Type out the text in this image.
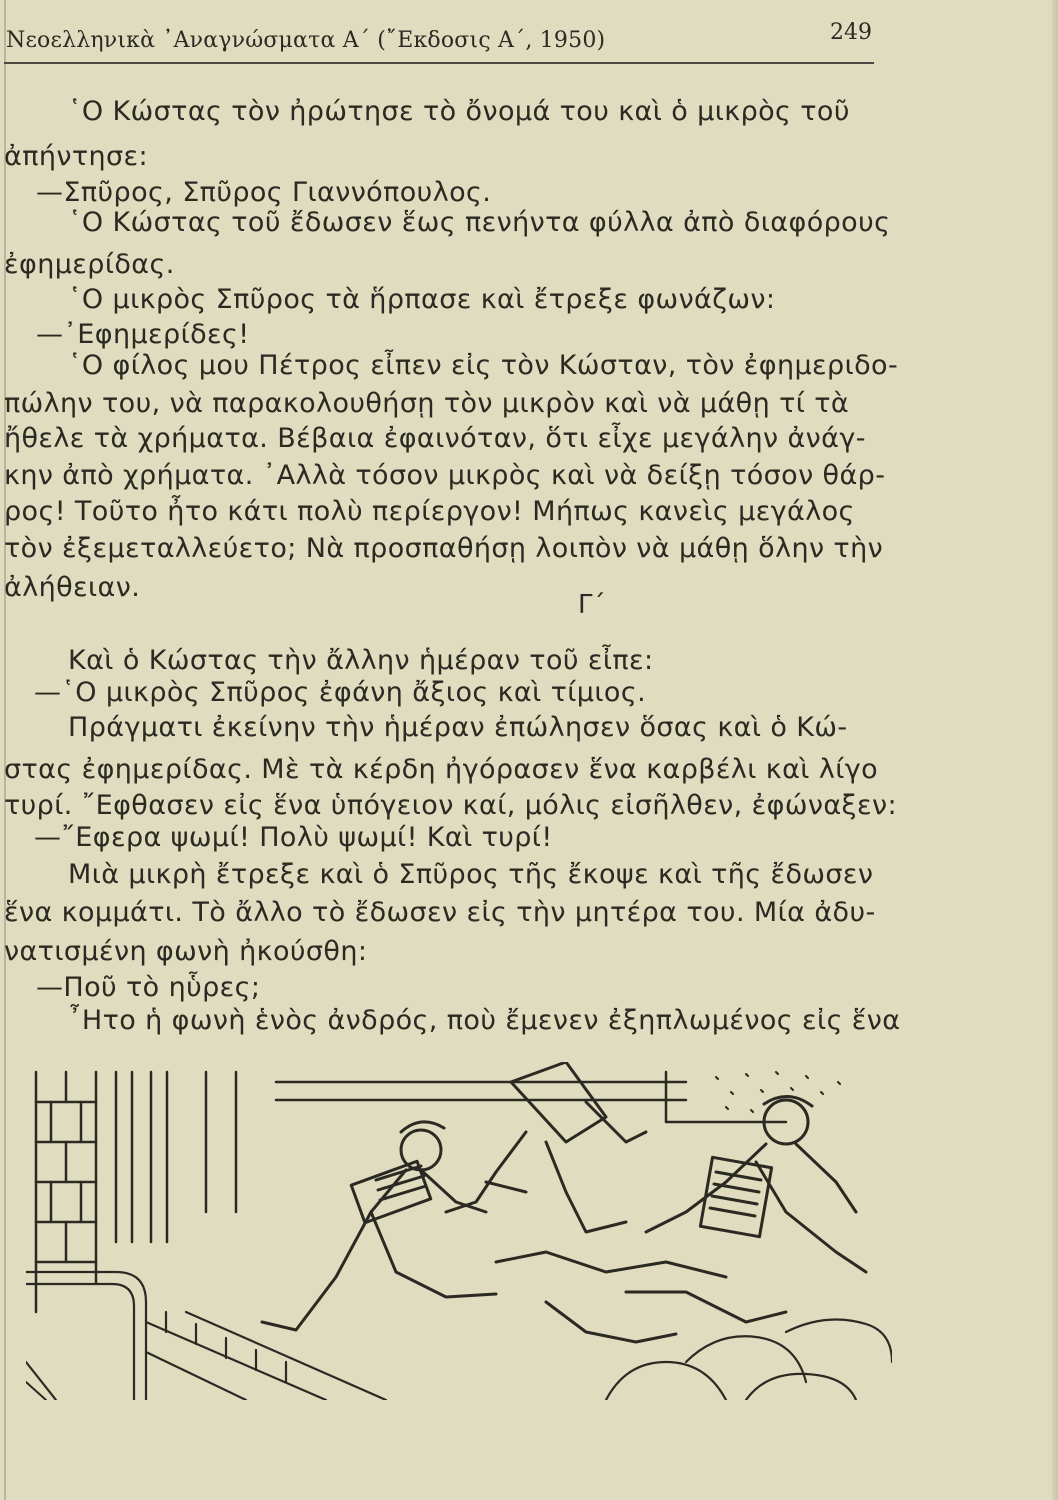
Νεοελληνικὰ ᾿Αναγνώσματα Α΄ (῎Εκδοσις Α΄, 1950)	249
῾Ο Κώστας τὸν ἠρώτησε τὸ ὄνομά του καὶ ὁ μικρὸς τοῦ
ἀπήντησε:
—Σπῦρος, Σπῦρος Γιαννόπουλος.
῾Ο Κώστας τοῦ ἔδωσεν ἕως πενήντα φύλλα ἀπὸ διαφόρους
ἐφημερίδας.
῾Ο μικρὸς Σπῦρος τὰ ἥρπασε καὶ ἔτρεξε φωνάζων:
—᾿Εφημερίδες!
῾Ο φίλος μου Πέτρος εἶπεν εἰς τὸν Κώσταν, τὸν ἐφημεριδο-
πώλην του, νὰ παρακολουθήσῃ τὸν μικρὸν καὶ νὰ μάθῃ τί τὰ
ἤθελε τὰ χρήματα. Βέβαια ἐφαινόταν, ὅτι εἶχε μεγάλην ἀνάγ-
κην ἀπὸ χρήματα. ᾿Αλλὰ τόσον μικρὸς καὶ νὰ δείξῃ τόσον θάρ-
ρος! Τοῦτο ἦτο κάτι πολὺ περίεργον! Μήπως κανεὶς μεγάλος
τὸν ἐξεμεταλλεύετο; Νὰ προσπαθήσῃ λοιπὸν νὰ μάθῃ ὅλην τὴν
ἀλήθειαν.
Γ΄
Καὶ ὁ Κώστας τὴν ἄλλην ἡμέραν τοῦ εἶπε:
—῾Ο μικρὸς Σπῦρος ἐφάνη ἄξιος καὶ τίμιος.
Πράγματι ἐκείνην τὴν ἡμέραν ἐπώλησεν ὅσας καὶ ὁ Κώ-
στας ἐφημερίδας. Μὲ τὰ κέρδη ἠγόρασεν ἕνα καρβέλι καὶ λίγο
τυρί. ῎Εφθασεν εἰς ἕνα ὑπόγειον καί, μόλις εἰσῆλθεν, ἐφώναξεν:
—῎Εφερα ψωμί! Πολὺ ψωμί! Καὶ τυρί!
Μιὰ μικρὴ ἔτρεξε καὶ ὁ Σπῦρος τῆς ἔκοψε καὶ τῆς ἔδωσεν
ἕνα κομμάτι. Τὸ ἄλλο τὸ ἔδωσεν εἰς τὴν μητέρα του. Μία ἀδυ-
νατισμένη φωνὴ ἠκούσθη:
—Ποῦ τὸ ηὗρες;
῏Ητο ἡ φωνὴ ἑνὸς ἀνδρός, ποὺ ἔμενεν ἐξηπλωμένος εἰς ἕνα
